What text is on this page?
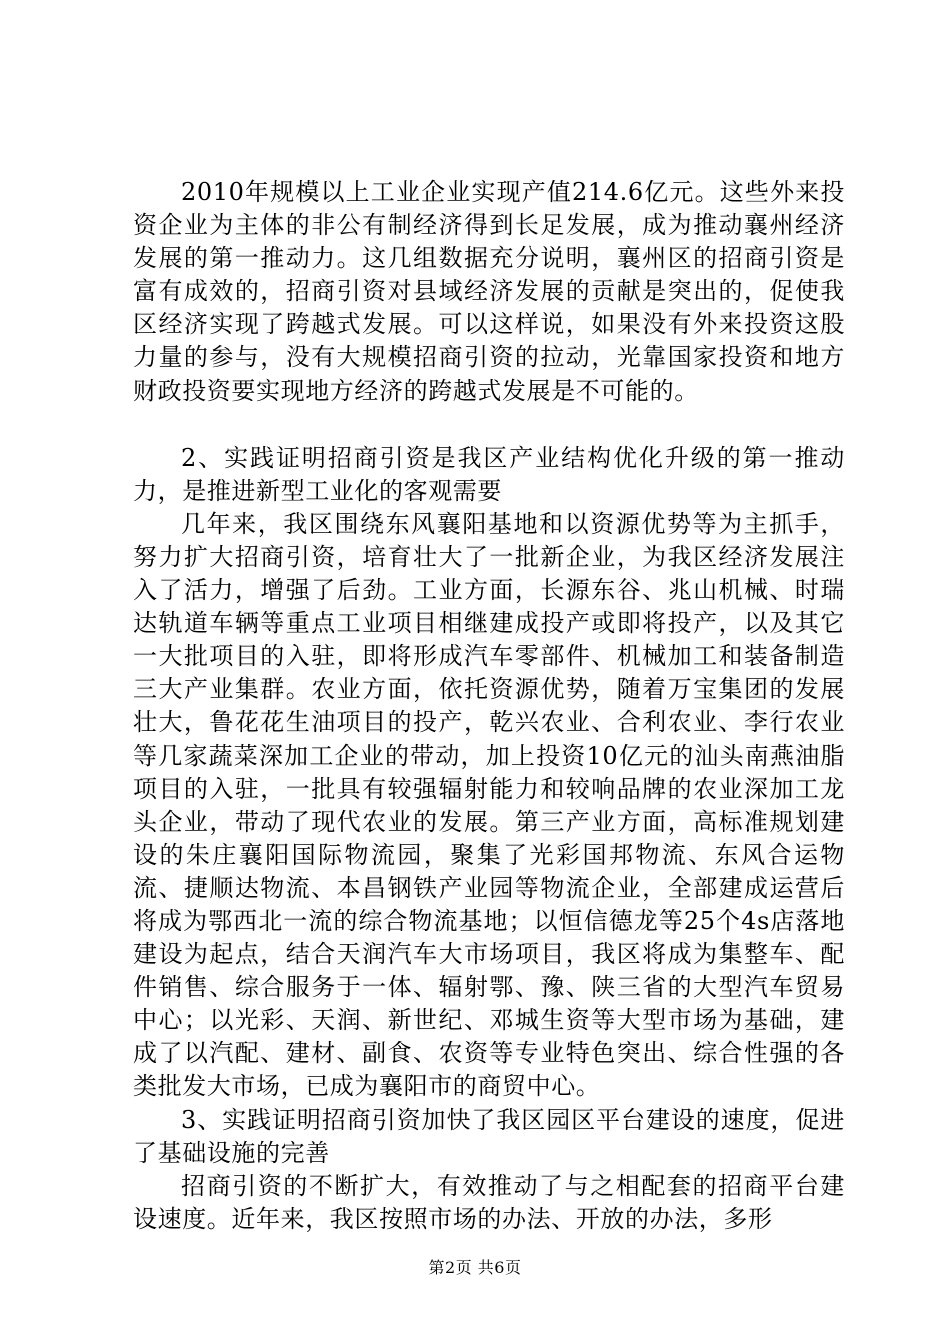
2010年规模以上工业企业实现产值214.6亿元。这些外来投资企业为主体的非公有制经济得到长足发展，成为推动襄州经济发展的第一推动力。这几组数据充分说明，襄州区的招商引资是富有成效的，招商引资对县域经济发展的贡献是突出的，促使我区经济实现了跨越式发展。可以这样说，如果没有外来投资这股力量的参与，没有大规模招商引资的拉动，光靠国家投资和地方财政投资要实现地方经济的跨越式发展是不可能的。

2、实践证明招商引资是我区产业结构优化升级的第一推动力，是推进新型工业化的客观需要

几年来，我区围绕东风襄阳基地和以资源优势等为主抓手，努力扩大招商引资，培育壮大了一批新企业，为我区经济发展注入了活力，增强了后劲。工业方面，长源东谷、兆山机械、时瑞达轨道车辆等重点工业项目相继建成投产或即将投产，以及其它一大批项目的入驻，即将形成汽车零部件、机械加工和装备制造三大产业集群。农业方面，依托资源优势，随着万宝集团的发展壮大，鲁花花生油项目的投产，乾兴农业、合利农业、李行农业等几家蔬菜深加工企业的带动，加上投资10亿元的汕头南燕油脂项目的入驻，一批具有较强辐射能力和较响品牌的农业深加工龙头企业，带动了现代农业的发展。第三产业方面，高标准规划建设的朱庄襄阳国际物流园，聚集了光彩国邦物流、东风合运物流、捷顺达物流、本昌钢铁产业园等物流企业，全部建成运营后将成为鄂西北一流的综合物流基地；以恒信德龙等25个4s店落地建设为起点，结合天润汽车大市场项目，我区将成为集整车、配件销售、综合服务于一体、辐射鄂、豫、陕三省的大型汽车贸易中心；以光彩、天润、新世纪、邓城生资等大型市场为基础，建成了以汽配、建材、副食、农资等专业特色突出、综合性强的各类批发大市场，已成为襄阳市的商贸中心。

3、实践证明招商引资加快了我区园区平台建设的速度，促进了基础设施的完善

招商引资的不断扩大，有效推动了与之相配套的招商平台建设速度。近年来，我区按照市场的办法、开放的办法，多形

第2页 共6页
